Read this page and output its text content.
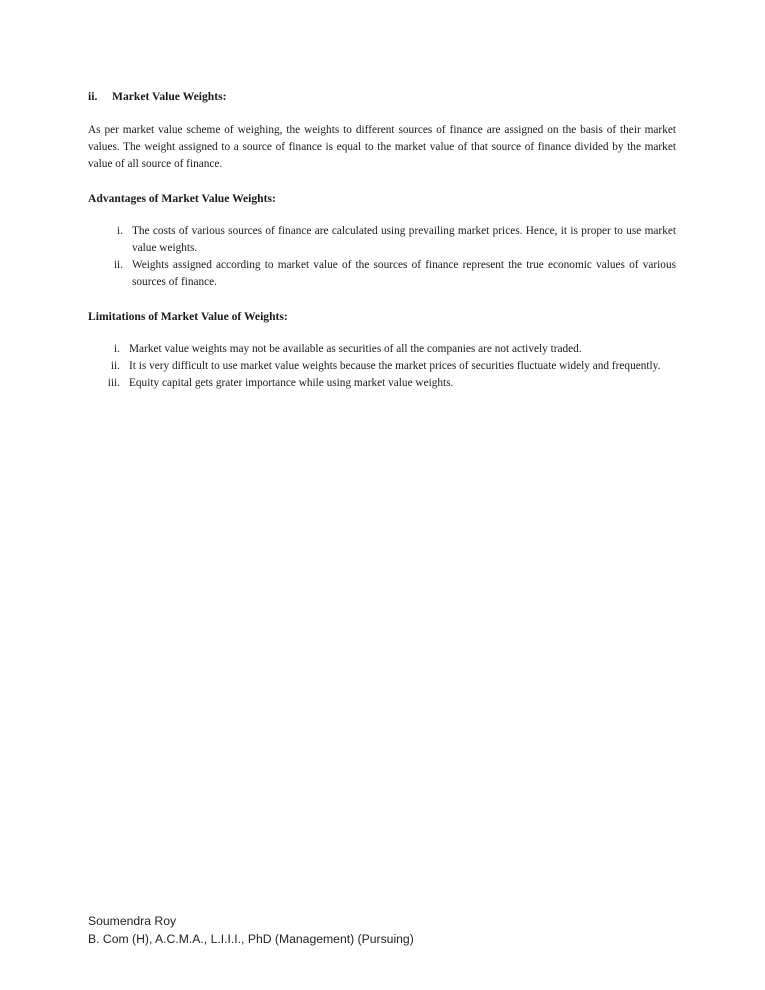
ii.	Market Value Weights:

As per market value scheme of weighing, the weights to different sources of finance are assigned on the basis of their market values. The weight assigned to a source of finance is equal to the market value of that source of finance divided by the market value of all source of finance.

Advantages of Market Value Weights:

i. The costs of various sources of finance are calculated using prevailing market prices. Hence, it is proper to use market value weights.
ii. Weights assigned according to market value of the sources of finance represent the true economic values of various sources of finance.

Limitations of Market Value of Weights:

i. Market value weights may not be available as securities of all the companies are not actively traded.
ii. It is very difficult to use market value weights because the market prices of securities fluctuate widely and frequently.
iii. Equity capital gets grater importance while using market value weights.
Soumendra Roy
B. Com (H), A.C.M.A., L.I.I.I., PhD (Management) (Pursuing)
